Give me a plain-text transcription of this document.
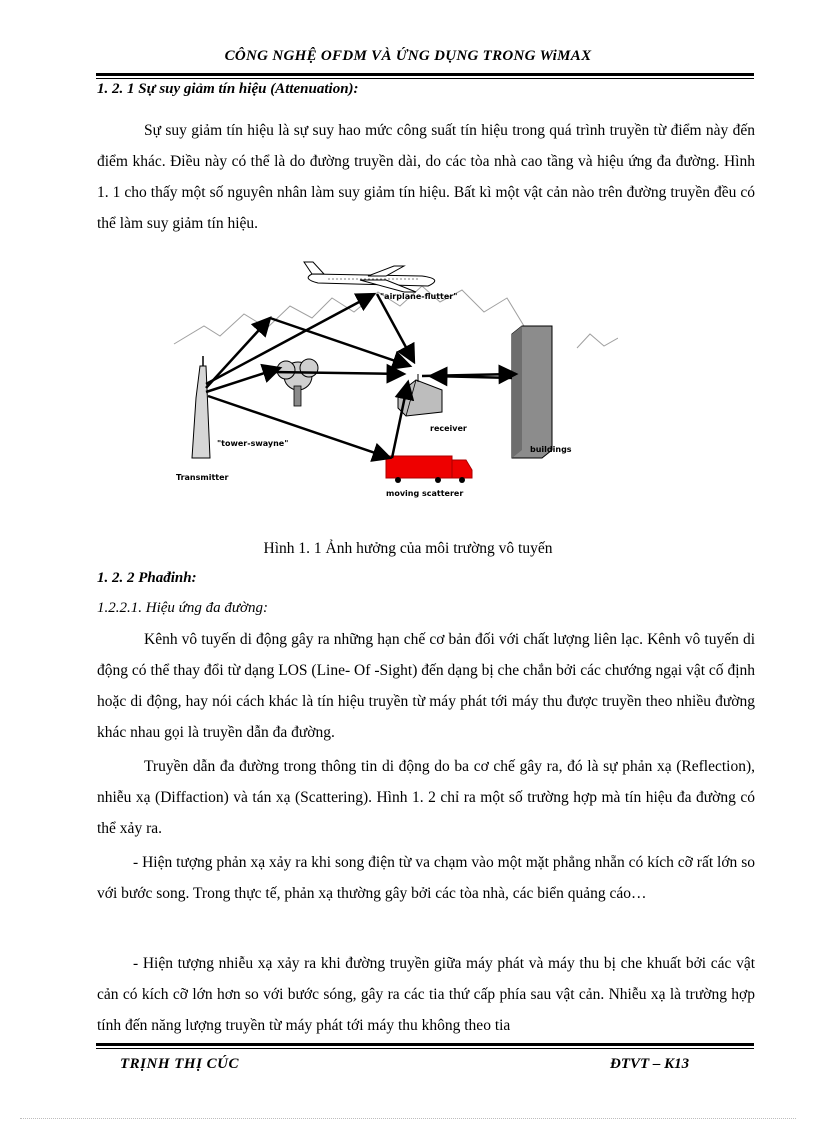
CÔNG NGHỆ OFDM VÀ ỨNG DỤNG TRONG WiMAX
1. 2. 1 Sự suy giảm tín hiệu (Attenuation):

Sự suy giảm tín hiệu là sự suy hao mức công suất tín hiệu trong quá trình truyền từ điểm này đến điểm khác. Điều này có thể là do đường truyền dài, do các tòa nhà cao tầng và hiệu ứng đa đường. Hình 1. 1 cho thấy một số nguyên nhân làm suy giảm tín hiệu. Bất kì một vật cản nào trên đường truyền đều có thể làm suy giảm tín hiệu.

"airplane-flutter"
"tower-swayne"
Transmitter
receiver
buildings
moving scatterer
Hình 1. 1 Ảnh hưởng của môi trường vô tuyến
1. 2. 2 Phađinh:
1.2.2.1. Hiệu ứng đa đường:

Kênh vô tuyến di động gây ra những hạn chế cơ bản đối với chất lượng liên lạc. Kênh vô tuyến di động có thể thay đổi từ dạng LOS (Line- Of -Sight) đến dạng bị che chắn bởi các chướng ngại vật cố định hoặc di động, hay nói cách khác là tín hiệu truyền từ máy phát tới máy thu được truyền theo nhiều đường khác nhau gọi là truyền dẫn đa đường.

Truyền dẫn đa đường trong thông tin di động do ba cơ chế gây ra, đó là sự phản xạ (Reflection), nhiễu xạ (Diffaction) và tán xạ (Scattering). Hình 1. 2 chỉ ra một số trường hợp mà tín hiệu đa đường có thể xảy ra.

- Hiện tượng phản xạ xảy ra khi song điện từ va chạm vào một mặt phẳng nhẵn có kích cỡ rất lớn so với bước song. Trong thực tế, phản xạ thường gây bởi các tòa nhà, các biển quảng cáo…

- Hiện tượng nhiễu xạ xảy ra khi đường truyền giữa máy phát và máy thu bị che khuất bởi các vật cản có kích cỡ lớn hơn so với bước sóng, gây ra các tia thứ cấp phía sau vật cản. Nhiễu xạ là trường hợp tính đến năng lượng truyền từ máy phát tới máy thu không theo tia

TRỊNH THỊ CÚC	ĐTVT – K13
